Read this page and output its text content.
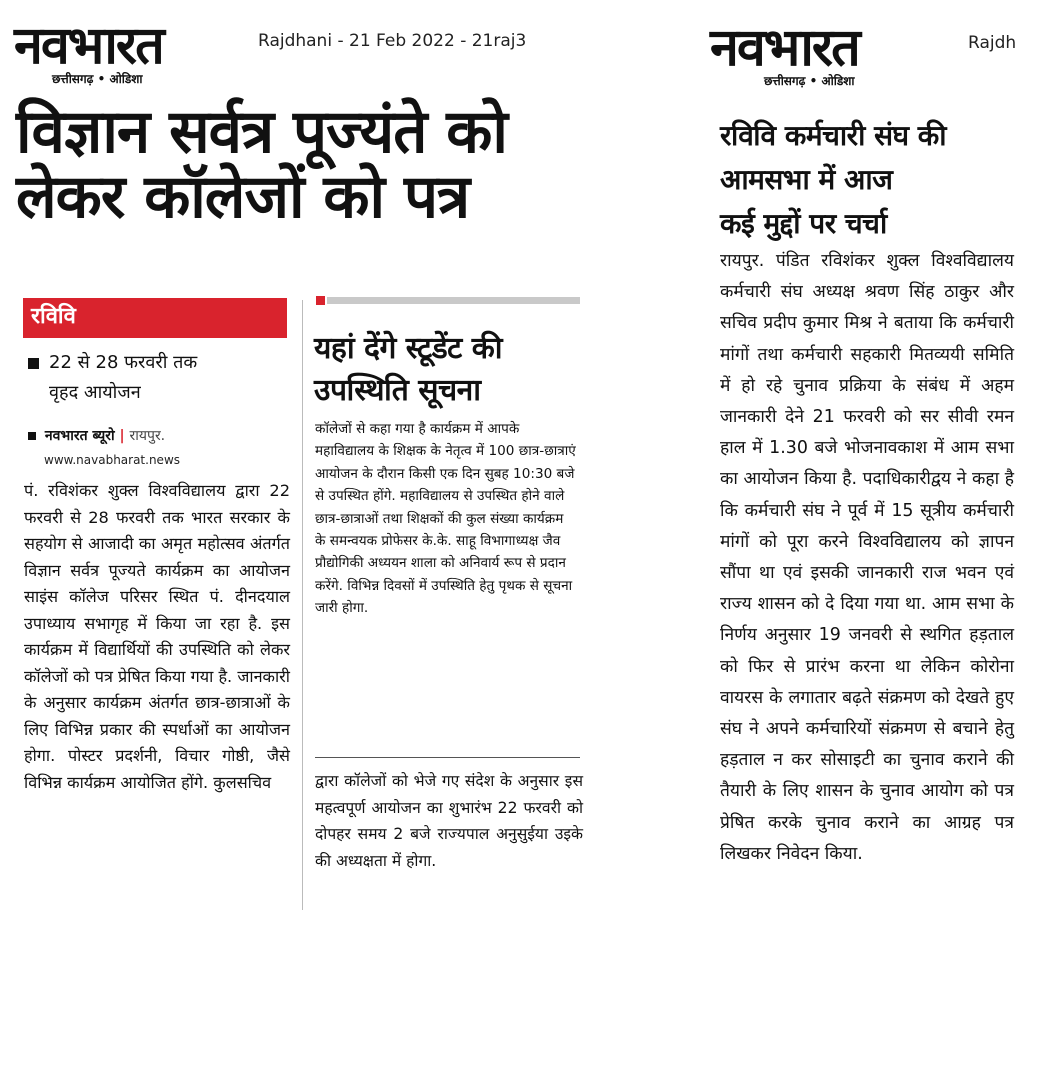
नवभारत
छत्तीसगढ़ • ओडिशा
Rajdhani - 21 Feb 2022 - 21raj3
विज्ञान सर्वत्र पूज्यंते को
लेकर कॉलेजों को पत्र
रविवि
22 से 28 फरवरी तक
वृहद आयोजन
नवभारत ब्यूरो | रायपुर.
www.navabharat.news
पं. रविशंकर शुक्ल विश्वविद्यालय द्वारा 22 फरवरी से 28 फरवरी तक भारत सरकार के सहयोग से आजादी का अमृत महोत्सव अंतर्गत विज्ञान सर्वत्र पूज्यते कार्यक्रम का आयोजन साइंस कॉलेज परिसर स्थित पं. दीनदयाल उपाध्याय सभागृह में किया जा रहा है. इस कार्यक्रम में विद्यार्थियों की उपस्थिति को लेकर कॉलेजों को पत्र प्रेषित किया गया है. जानकारी के अनुसार कार्यक्रम अंतर्गत छात्र-छात्राओं के लिए विभिन्न प्रकार की स्पर्धाओं का आयोजन होगा. पोस्टर प्रदर्शनी, विचार गोष्ठी, जैसे विभिन्न कार्यक्रम आयोजित होंगे. कुलसचिव
यहां देंगे स्टूडेंट की
उपस्थिति सूचना
कॉलेजों से कहा गया है कार्यक्रम में आपके महाविद्यालय के शिक्षक के नेतृत्व में 100 छात्र-छात्राएं आयोजन के दौरान किसी एक दिन सुबह 10:30 बजे से उपस्थित होंगे. महाविद्यालय से उपस्थित होने वाले छात्र-छात्राओं तथा शिक्षकों की कुल संख्या कार्यक्रम के समन्वयक प्रोफेसर के.के. साहू विभागाध्यक्ष जैव प्रौद्योगिकी अध्ययन शाला को अनिवार्य रूप से प्रदान करेंगे. विभिन्न दिवसों में उपस्थिति हेतु पृथक से सूचना जारी होगा.
द्वारा कॉलेजों को भेजे गए संदेश के अनुसार इस महत्वपूर्ण आयोजन का शुभारंभ 22 फरवरी को दोपहर समय 2 बजे राज्यपाल अनुसुईया उइके की अध्यक्षता में होगा.
नवभारत
छत्तीसगढ़ • ओडिशा
Rajdh
रविवि कर्मचारी संघ की
आमसभा में आज
कई मुद्दों पर चर्चा
रायपुर. पंडित रविशंकर शुक्ल विश्वविद्यालय कर्मचारी संघ अध्यक्ष श्रवण सिंह ठाकुर और सचिव प्रदीप कुमार मिश्र ने बताया कि कर्मचारी मांगों तथा कर्मचारी सहकारी मितव्ययी समिति में हो रहे चुनाव प्रक्रिया के संबंध में अहम जानकारी देने 21 फरवरी को सर सीवी रमन हाल में 1.30 बजे भोजनावकाश में आम सभा का आयोजन किया है. पदाधिकारीद्वय ने कहा है कि कर्मचारी संघ ने पूर्व में 15 सूत्रीय कर्मचारी मांगों को पूरा करने विश्वविद्यालय को ज्ञापन सौंपा था एवं इसकी जानकारी राज भवन एवं राज्य शासन को दे दिया गया था. आम सभा के निर्णय अनुसार 19 जनवरी से स्थगित हड़ताल को फिर से प्रारंभ करना था लेकिन कोरोना वायरस के लगातार बढ़ते संक्रमण को देखते हुए संघ ने अपने कर्मचारियों संक्रमण से बचाने हेतु हड़ताल न कर सोसाइटी का चुनाव कराने की तैयारी के लिए शासन के चुनाव आयोग को पत्र प्रेषित करके चुनाव कराने का आग्रह पत्र लिखकर निवेदन किया.
